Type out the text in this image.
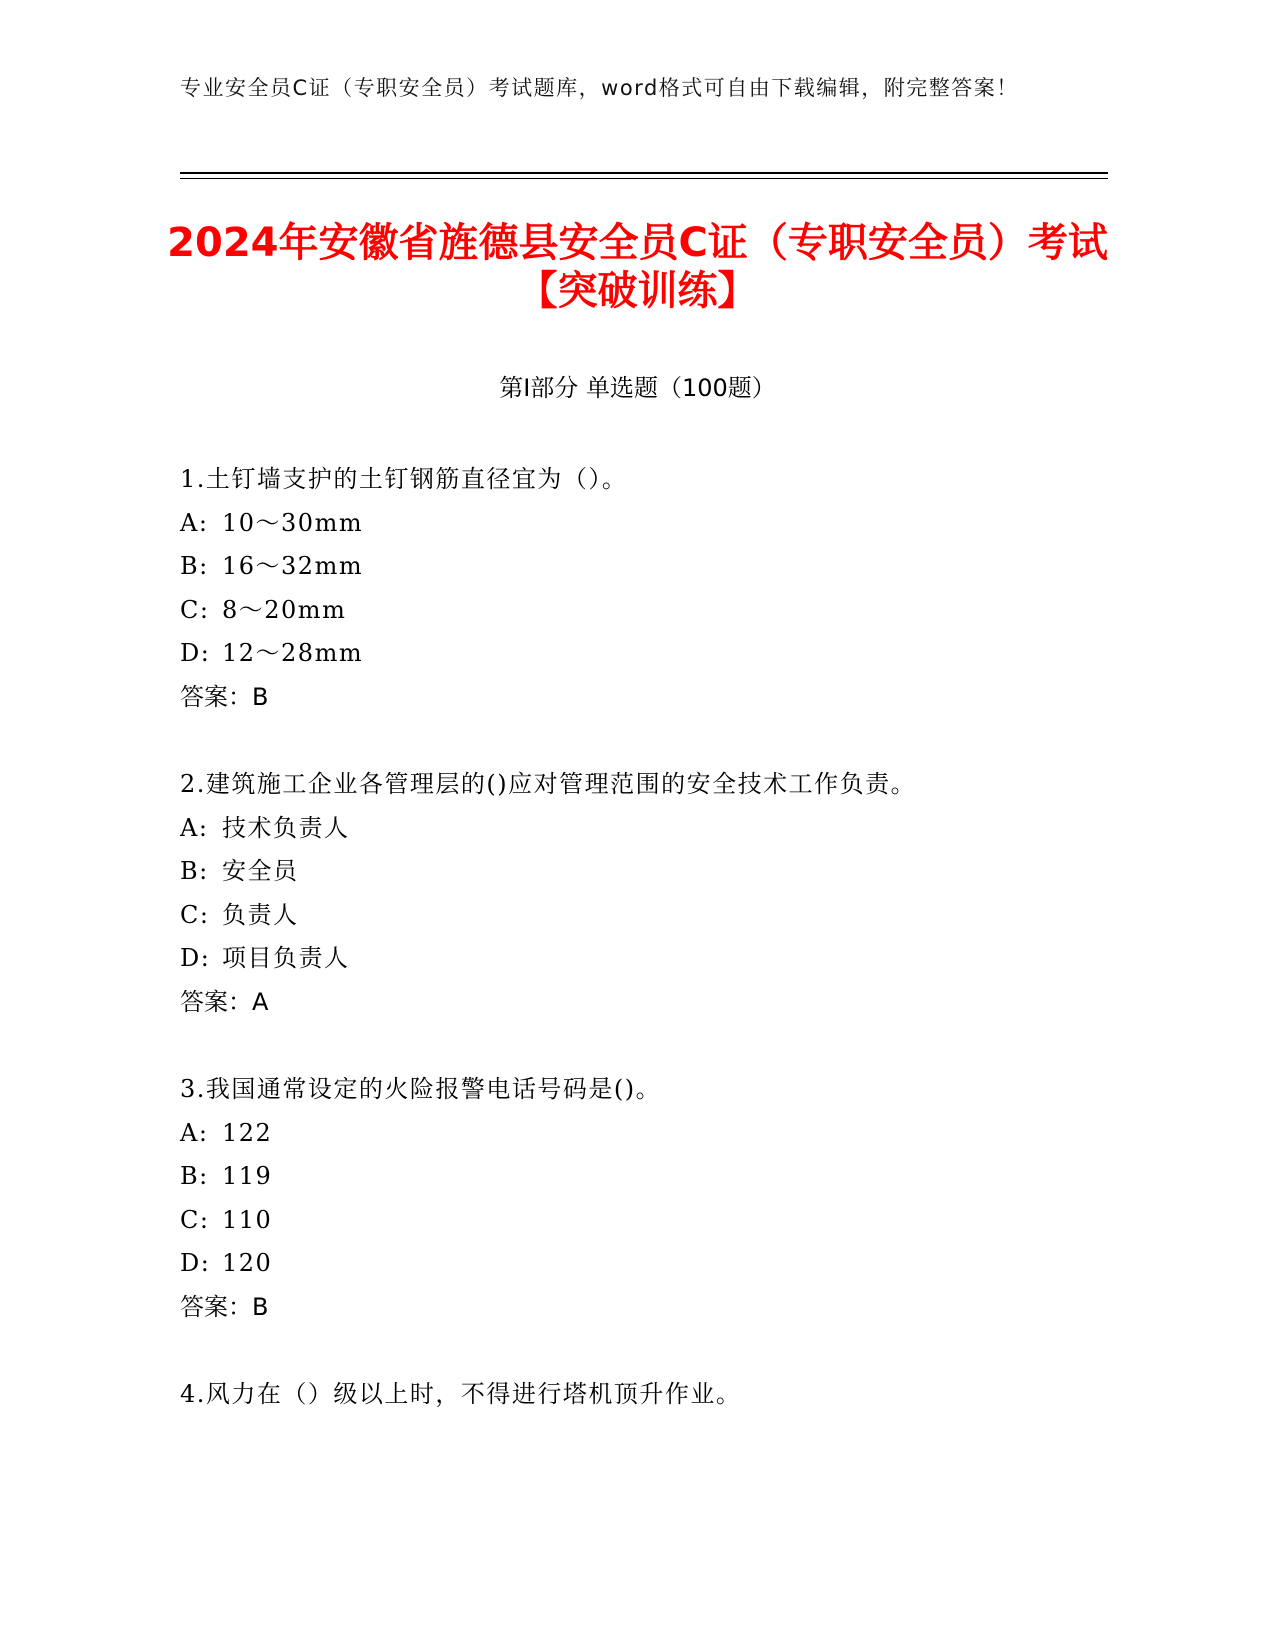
专业安全员C证（专职安全员）考试题库，word格式可自由下载编辑，附完整答案！
2024年安徽省旌德县安全员C证（专职安全员）考试【突破训练】
第I部分 单选题（100题）
1.土钉墙支护的土钉钢筋直径宜为（）。
A: 10～30mm
B: 16～32mm
C: 8～20mm
D: 12～28mm
答案：B
2.建筑施工企业各管理层的()应对管理范围的安全技术工作负责。
A: 技术负责人
B: 安全员
C: 负责人
D: 项目负责人
答案：A
3.我国通常设定的火险报警电话号码是()。
A: 122
B: 119
C: 110
D: 120
答案：B
4.风力在（）级以上时，不得进行塔机顶升作业。
